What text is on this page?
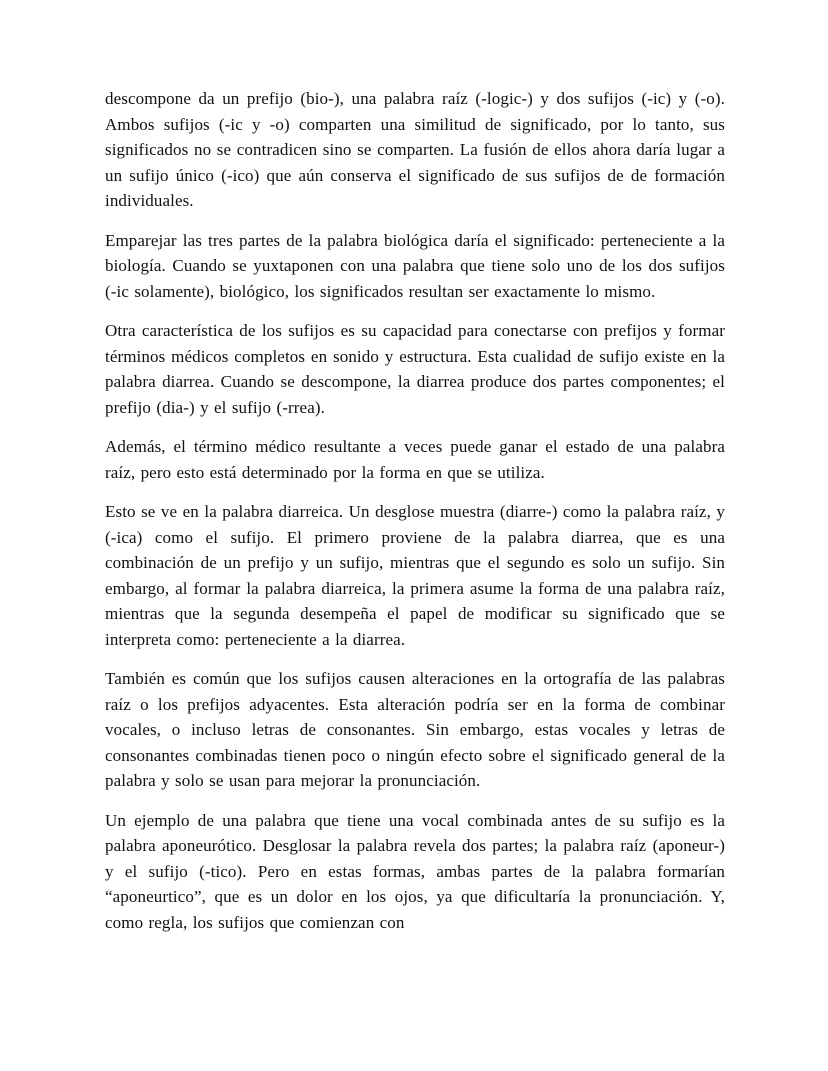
descompone da un prefijo (bio-), una palabra raíz (-logic-) y dos sufijos (-ic) y (-o). Ambos sufijos (-ic y -o) comparten una similitud de significado, por lo tanto, sus significados no se contradicen sino se comparten. La fusión de ellos ahora daría lugar a un sufijo único (-ico) que aún conserva el significado de sus sufijos de de formación individuales.

Emparejar las tres partes de la palabra biológica daría el significado: perteneciente a la biología. Cuando se yuxtaponen con una palabra que tiene solo uno de los dos sufijos (-ic solamente), biológico, los significados resultan ser exactamente lo mismo.

Otra característica de los sufijos es su capacidad para conectarse con prefijos y formar términos médicos completos en sonido y estructura. Esta cualidad de sufijo existe en la palabra diarrea. Cuando se descompone, la diarrea produce dos partes componentes; el prefijo (dia-) y el sufijo (-rrea).

Además, el término médico resultante a veces puede ganar el estado de una palabra raíz, pero esto está determinado por la forma en que se utiliza.

Esto se ve en la palabra diarreica. Un desglose muestra (diarre-) como la palabra raíz, y (-ica) como el sufijo. El primero proviene de la palabra diarrea, que es una combinación de un prefijo y un sufijo, mientras que el segundo es solo un sufijo. Sin embargo, al formar la palabra diarreica, la primera asume la forma de una palabra raíz, mientras que la segunda desempeña el papel de modificar su significado que se interpreta como: perteneciente a la diarrea.

También es común que los sufijos causen alteraciones en la ortografía de las palabras raíz o los prefijos adyacentes. Esta alteración podría ser en la forma de combinar vocales, o incluso letras de consonantes. Sin embargo, estas vocales y letras de consonantes combinadas tienen poco o ningún efecto sobre el significado general de la palabra y solo se usan para mejorar la pronunciación.

Un ejemplo de una palabra que tiene una vocal combinada antes de su sufijo es la palabra aponeurótico. Desglosar la palabra revela dos partes; la palabra raíz (aponeur-) y el sufijo (-tico). Pero en estas formas, ambas partes de la palabra formarían “aponeurtico”, que es un dolor en los ojos, ya que dificultaría la pronunciación. Y, como regla, los sufijos que comienzan con
